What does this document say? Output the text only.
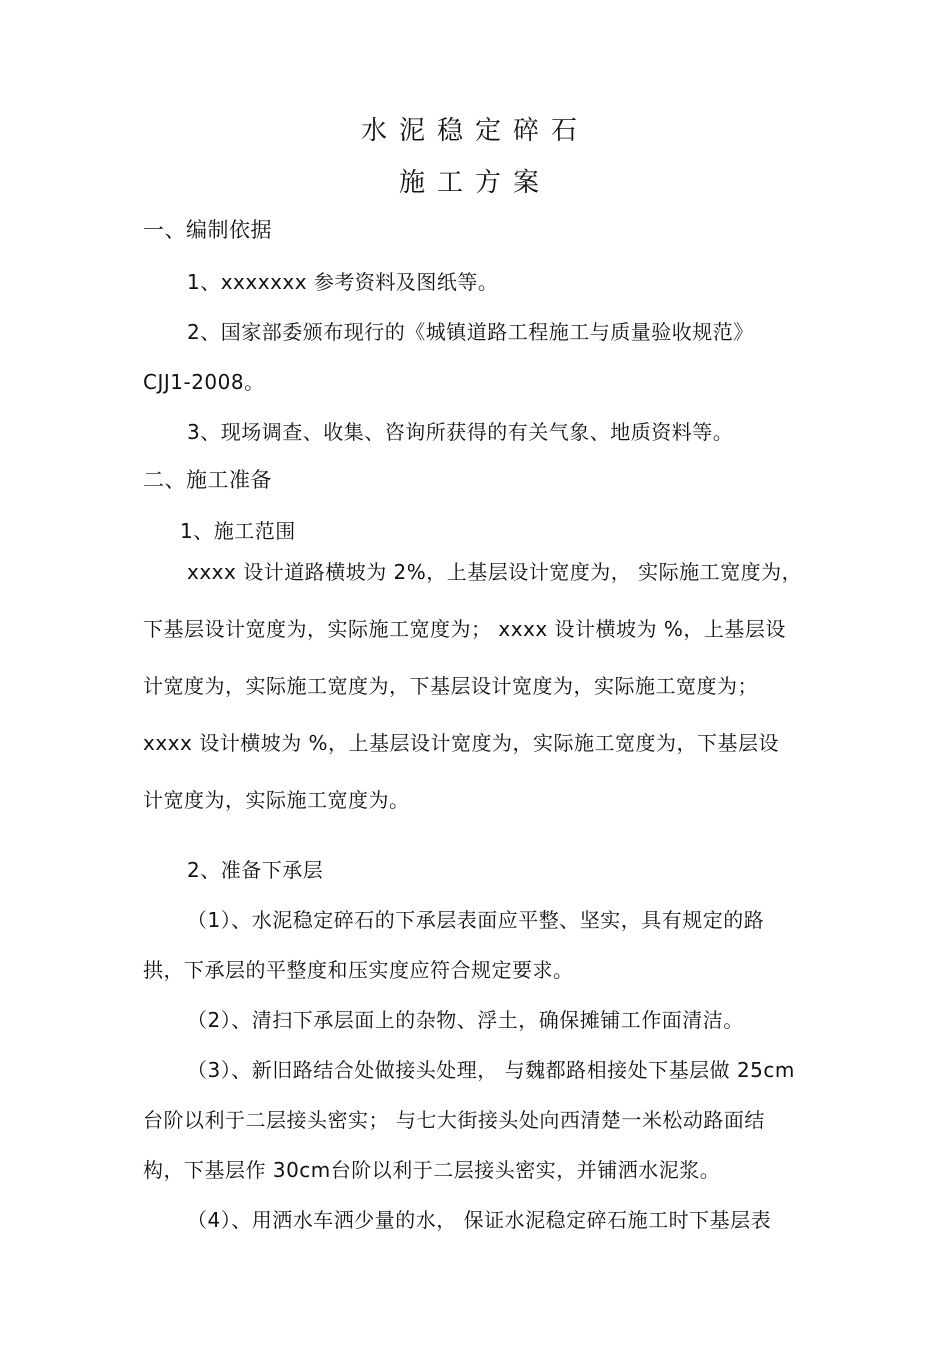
水泥稳定碎石
施工方案
一、编制依据
1、xxxxxxx 参考资料及图纸等。
2、国家部委颁布现行的《城镇道路工程施工与质量验收规范》
CJJ1-2008。
3、现场调查、收集、咨询所获得的有关气象、地质资料等。
二、施工准备
1、施工范围
xxxx 设计道路横坡为 2%，上基层设计宽度为， 实际施工宽度为，
下基层设计宽度为，实际施工宽度为； xxxx 设计横坡为 %，上基层设
计宽度为，实际施工宽度为，下基层设计宽度为，实际施工宽度为；
xxxx 设计横坡为 %，上基层设计宽度为，实际施工宽度为，下基层设
计宽度为，实际施工宽度为。
2、准备下承层
（1）、水泥稳定碎石的下承层表面应平整、坚实，具有规定的路
拱，下承层的平整度和压实度应符合规定要求。
（2）、清扫下承层面上的杂物、浮土，确保摊铺工作面清洁。
（3）、新旧路结合处做接头处理， 与魏都路相接处下基层做 25cm
台阶以利于二层接头密实； 与七大街接头处向西清楚一米松动路面结
构，下基层作 30cm台阶以利于二层接头密实，并铺洒水泥浆。
（4）、用洒水车洒少量的水， 保证水泥稳定碎石施工时下基层表
